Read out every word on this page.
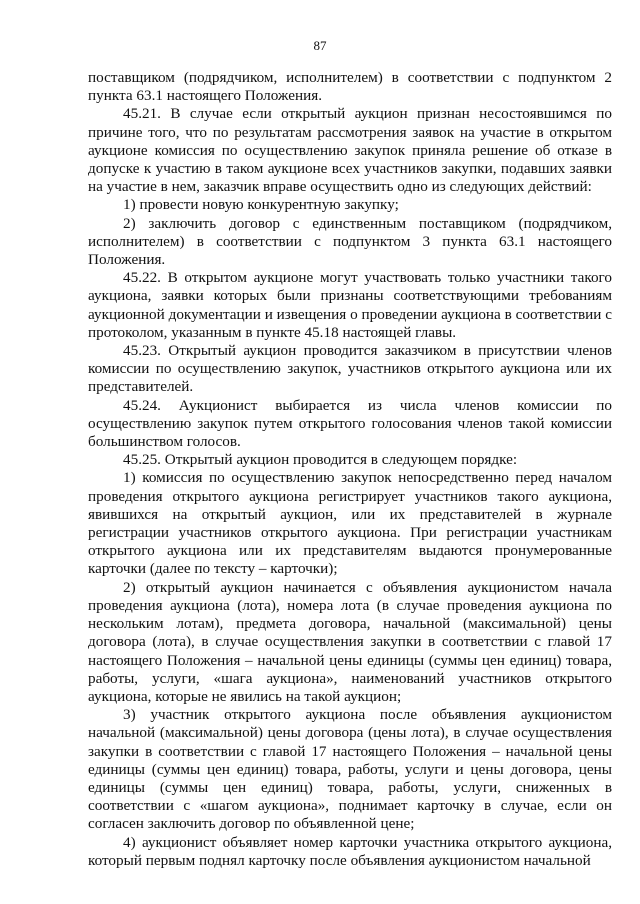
87

поставщиком (подрядчиком, исполнителем) в соответствии с подпунктом 2 пункта 63.1 настоящего Положения.

45.21. В случае если открытый аукцион признан несостоявшимся по причине того, что по результатам рассмотрения заявок на участие в открытом аукционе комиссия по осуществлению закупок приняла решение об отказе в допуске к участию в таком аукционе всех участников закупки, подавших заявки на участие в нем, заказчик вправе осуществить одно из следующих действий:

1) провести новую конкурентную закупку;

2) заключить договор с единственным поставщиком (подрядчиком, исполнителем) в соответствии с подпунктом 3 пункта 63.1 настоящего Положения.

45.22. В открытом аукционе могут участвовать только участники такого аукциона, заявки которых были признаны соответствующими требованиям аукционной документации и извещения о проведении аукциона в соответствии с протоколом, указанным в пункте 45.18 настоящей главы.

45.23. Открытый аукцион проводится заказчиком в присутствии членов комиссии по осуществлению закупок, участников открытого аукциона или их представителей.

45.24. Аукционист выбирается из числа членов комиссии по осуществлению закупок путем открытого голосования членов такой комиссии большинством голосов.

45.25. Открытый аукцион проводится в следующем порядке:

1) комиссия по осуществлению закупок непосредственно перед началом проведения открытого аукциона регистрирует участников такого аукциона, явившихся на открытый аукцион, или их представителей в журнале регистрации участников открытого аукциона. При регистрации участникам открытого аукциона или их представителям выдаются пронумерованные карточки (далее по тексту – карточки);

2) открытый аукцион начинается с объявления аукционистом начала проведения аукциона (лота), номера лота (в случае проведения аукциона по нескольким лотам), предмета договора, начальной (максимальной) цены договора (лота), в случае осуществления закупки в соответствии с главой 17 настоящего Положения – начальной цены единицы (суммы цен единиц) товара, работы, услуги, «шага аукциона», наименований участников открытого аукциона, которые не явились на такой аукцион;

3) участник открытого аукциона после объявления аукционистом начальной (максимальной) цены договора (цены лота), в случае осуществления закупки в соответствии с главой 17 настоящего Положения – начальной цены единицы (суммы цен единиц) товара, работы, услуги и цены договора, цены единицы (суммы цен единиц) товара, работы, услуги, сниженных в соответствии с «шагом аукциона», поднимает карточку в случае, если он согласен заключить договор по объявленной цене;

4) аукционист объявляет номер карточки участника открытого аукциона, который первым поднял карточку после объявления аукционистом начальной
